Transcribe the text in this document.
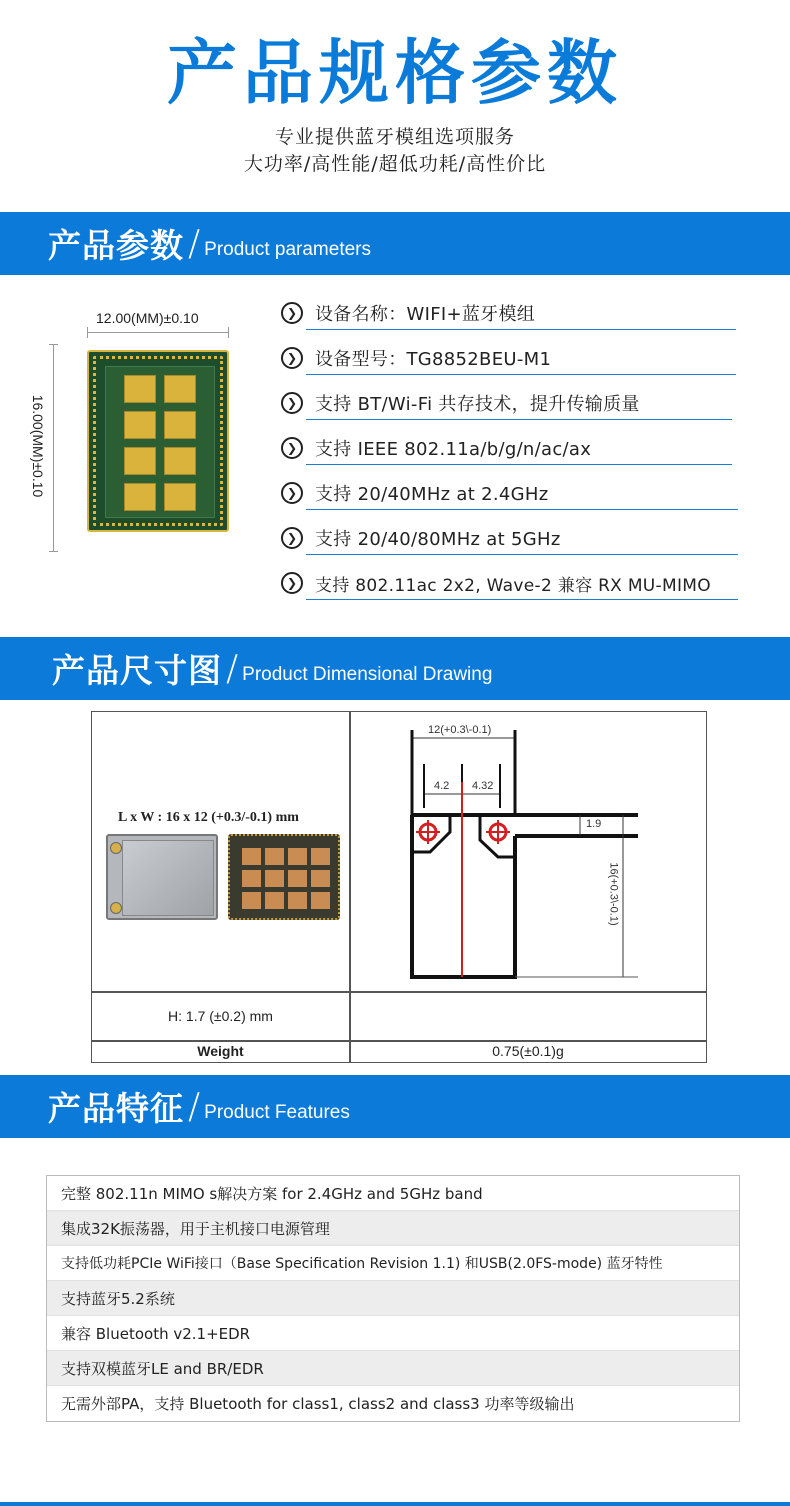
产品规格参数
专业提供蓝牙模组选项服务
大功率/高性能/超低功耗/高性价比
产品参数 / Product parameters
12.00(MM)±0.10
16.00(MM)±0.10
❯ 设备名称：WIFI+蓝牙模组
❯ 设备型号：TG8852BEU-M1
❯ 支持 BT/Wi-Fi 共存技术，提升传输质量
❯ 支持 IEEE 802.11a/b/g/n/ac/ax
❯ 支持 20/40MHz at 2.4GHz
❯ 支持 20/40/80MHz at 5GHz
❯	支持 802.11ac 2x2, Wave-2 兼容 RX MU-MIMO
产品尺寸图 / Product Dimensional Drawing
L x W : 16 x 12 (+0.3/-0.1) mm
12(+0.3\-0.1)
4.2 4.32
1.9
16(+0.3\-0.1)
H: 1.7 (±0.2) mm
Weight	0.75(±0.1)g
产品特征 / Product Features
完整 802.11n MIMO s解决方案 for 2.4GHz and 5GHz band
集成32K振荡器，用于主机接口电源管理
支持低功耗PCIe WiFi接口（Base Specification Revision 1.1) 和USB(2.0FS-mode) 蓝牙特性
支持蓝牙5.2系统
兼容 Bluetooth v2.1+EDR
支持双模蓝牙LE and BR/EDR
无需外部PA，支持 Bluetooth for class1, class2 and class3 功率等级输出
